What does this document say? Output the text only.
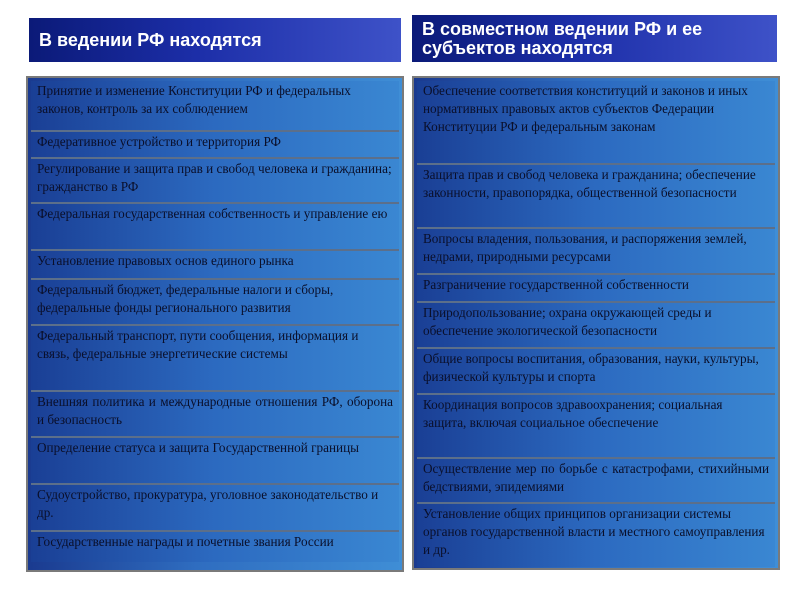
В ведении РФ находятся
В совместном ведении РФ и ее субъектов находятся
Принятие и изменение Конституции РФ и федеральных законов, контроль за их соблюдением
Федеративное устройство и территория РФ
Регулирование и защита прав и свобод человека и гражданина; гражданство в РФ
Федеральная государственная собственность и управление ею
Установление правовых основ единого рынка
Федеральный бюджет, федеральные налоги и сборы, федеральные фонды регионального развития
Федеральный транспорт, пути сообщения, информация и связь, федеральные энергетические системы
Внешняя политика и международные отношения РФ, оборона и безопасность
Определение статуса и защита Государственной границы
Судоустройство, прокуратура, уголовное законодательство и др.
Государственные награды и почетные звания России
Обеспечение соответствия конституций и законов и иных нормативных правовых актов субъектов Федерации Конституции РФ и федеральным законам
Защита прав и свобод человека и гражданина; обеспечение законности, правопорядка, общественной безопасности
Вопросы владения, пользования, и распоряжения землей, недрами, природными ресурсами
Разграничение государственной собственности
Природопользование; охрана окружающей среды и обеспечение экологической безопасности
Общие вопросы воспитания, образования, науки, культуры, физической культуры и спорта
Координация вопросов здравоохранения; социальная защита, включая социальное обеспечение
Осуществление мер по борьбе с катастрофами, стихийными бедствиями, эпидемиями
Установление общих принципов организации системы органов государственной власти и местного самоуправления и др.
